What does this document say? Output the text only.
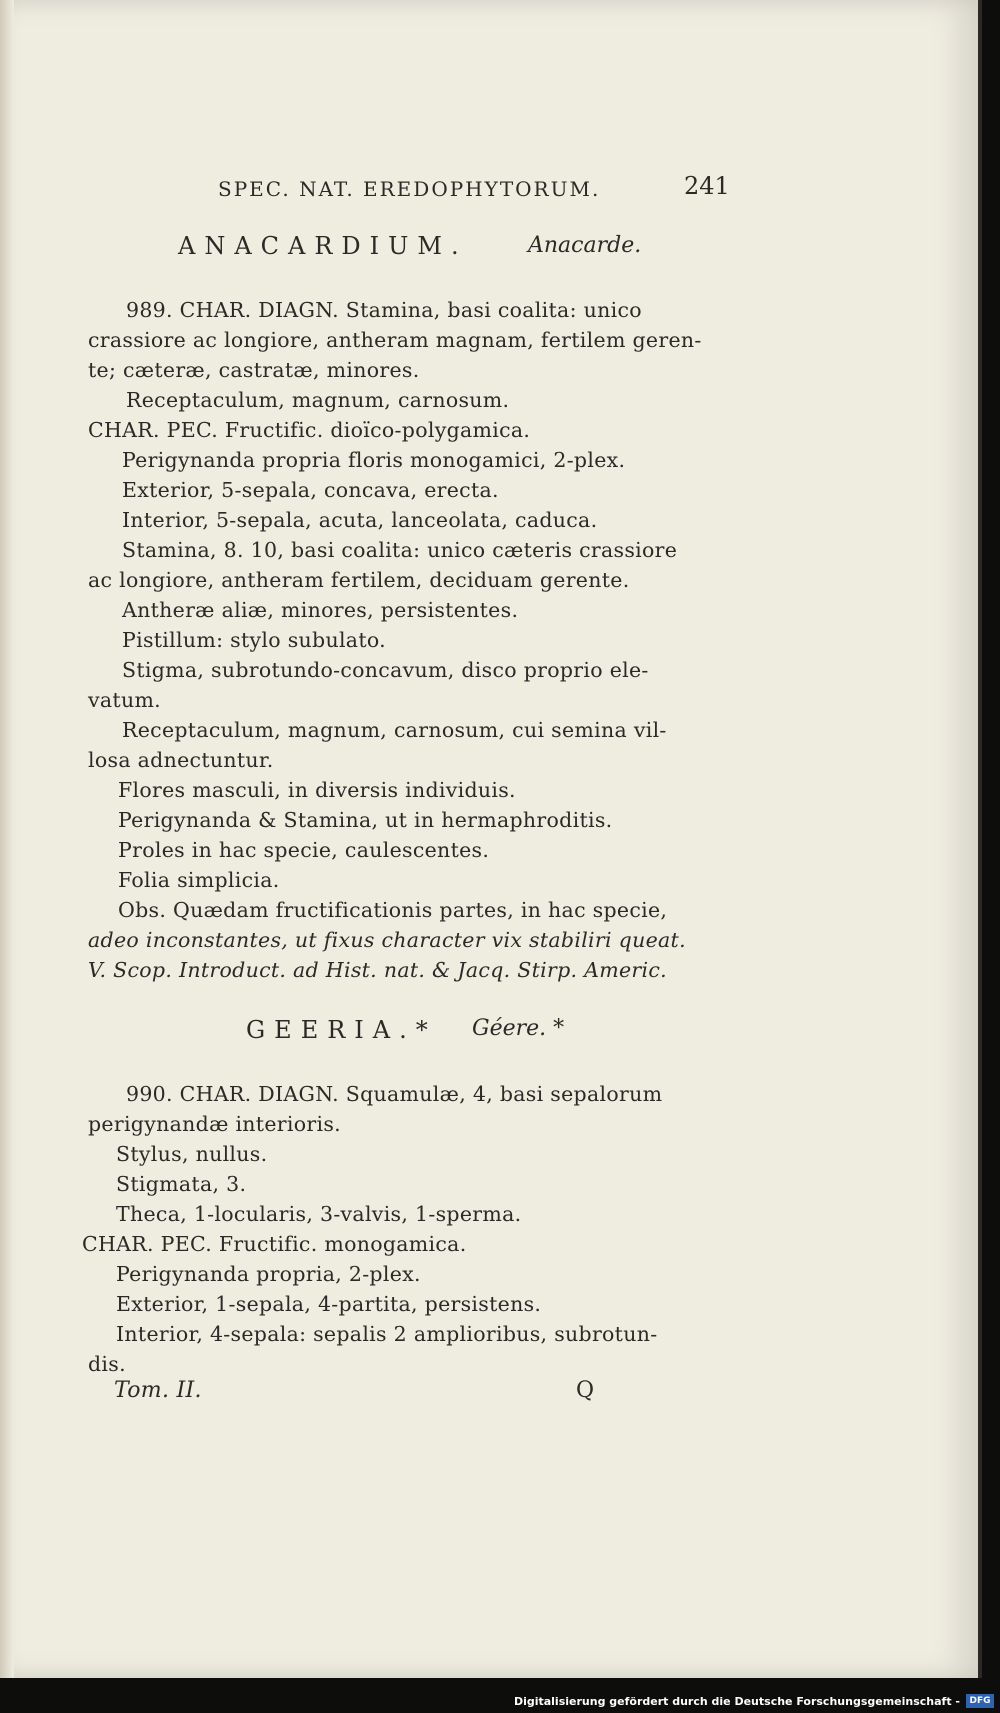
SPEC. NAT. EREDOPHYTORUM.	241
ANACARDIUM.	Anacarde.
989. CHAR. DIAGN. Stamina, basi coalita: unico
crassiore ac longiore, antheram magnam, fertilem geren-
te; cæteræ, castratæ, minores.
Receptaculum, magnum, carnosum.
CHAR. PEC. Fructific. dioïco-polygamica.
Perigynanda propria floris monogamici, 2-plex.
Exterior, 5-sepala, concava, erecta.
Interior, 5-sepala, acuta, lanceolata, caduca.
Stamina, 8. 10, basi coalita: unico cæteris crassiore
ac longiore, antheram fertilem, deciduam gerente.
Antheræ aliæ, minores, persistentes.
Pistillum: stylo subulato.
Stigma, subrotundo-concavum, disco proprio ele-
vatum.
Receptaculum, magnum, carnosum, cui semina vil-
losa adnectuntur.
Flores masculi, in diversis individuis.
Perigynanda & Stamina, ut in hermaphroditis.
Proles in hac specie, caulescentes.
Folia simplicia.
Obs. Quædam fructificationis partes, in hac specie,
adeo inconstantes, ut fixus character vix stabiliri queat.
V. Scop. Introduct. ad Hist. nat. & Jacq. Stirp. Americ.
GEERIA.* Géere. *
990. CHAR. DIAGN. Squamulæ, 4, basi sepalorum
perigynandæ interioris.
Stylus, nullus.
Stigmata, 3.
Theca, 1-locularis, 3-valvis, 1-sperma.
CHAR. PEC. Fructific. monogamica.
Perigynanda propria, 2-plex.
Exterior, 1-sepala, 4-partita, persistens.
Interior, 4-sepala: sepalis 2 amplioribus, subrotun-
dis.
Tom. II.	Q
Digitalisierung gefördert durch die Deutsche Forschungsgemeinschaft -	DFG
